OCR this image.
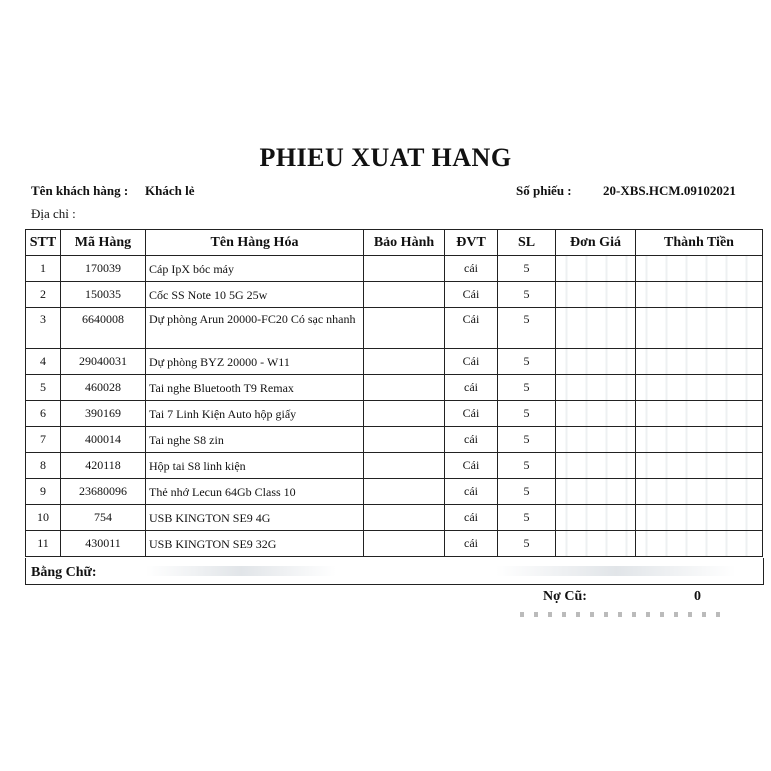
PHIEU XUAT HANG
Tên khách hàng : Khách lẻ	Số phiếu : 20-XBS.HCM.09102021
Địa chỉ :
STT	Mã Hàng	Tên Hàng Hóa	Bảo Hành	ĐVT	SL	Đơn Giá	Thành Tiền
1	170039	Cáp IpX bóc máy		cái	5		
2	150035	Cốc SS Note 10 5G 25w		Cái	5		
3	6640008	Dự phòng Arun 20000-FC20 Có sạc nhanh		Cái	5		
4	29040031	Dự phòng BYZ 20000 - W11		Cái	5		
5	460028	Tai nghe Bluetooth T9 Remax		cái	5		
6	390169	Tai 7 Linh Kiện Auto hộp giấy		Cái	5		
7	400014	Tai nghe S8 zin		cái	5		
8	420118	Hộp tai S8 linh kiện		Cái	5		
9	23680096	Thẻ nhớ Lecun 64Gb Class 10		cái	5		
10	754	USB KINGTON SE9 4G		cái	5		
11	430011	USB KINGTON SE9 32G		cái	5		
Bằng Chữ:
Nợ Cũ:	0
